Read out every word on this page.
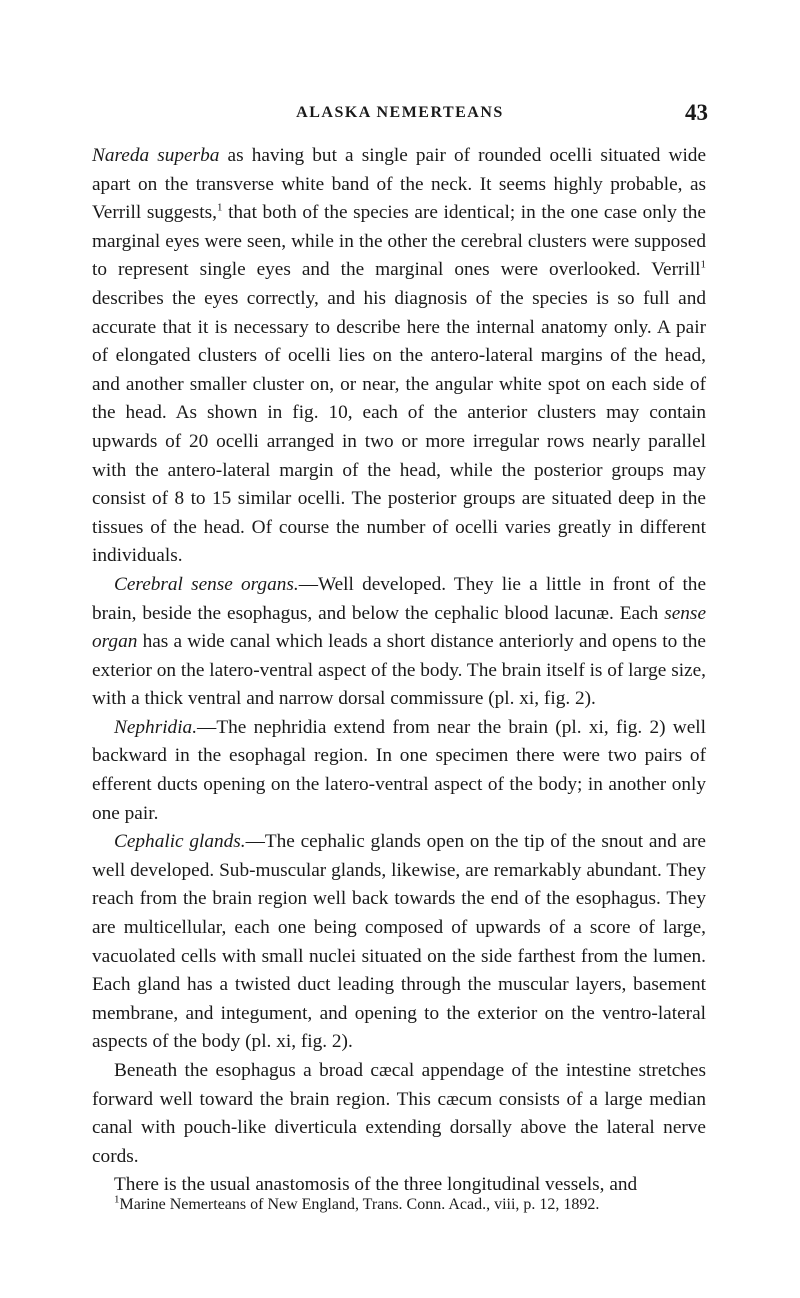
ALASKA NEMERTEANS	43

Nareda superba as having but a single pair of rounded ocelli situated wide apart on the transverse white band of the neck. It seems highly probable, as Verrill suggests,$^1$ that both of the species are identical; in the one case only the marginal eyes were seen, while in the other the cerebral clusters were supposed to represent single eyes and the marginal ones were overlooked. Verrill$^1$ describes the eyes correctly, and his diagnosis of the species is so full and accurate that it is necessary to describe here the internal anatomy only. A pair of elongated clusters of ocelli lies on the antero-lateral margins of the head, and another smaller cluster on, or near, the angular white spot on each side of the head. As shown in fig. 10, each of the anterior clusters may contain upwards of 20 ocelli arranged in two or more irregular rows nearly parallel with the antero-lateral margin of the head, while the posterior groups may consist of 8 to 15 similar ocelli. The posterior groups are situated deep in the tissues of the head. Of course the number of ocelli varies greatly in different individuals.

Cerebral sense organs.—Well developed. They lie a little in front of the brain, beside the esophagus, and below the cephalic blood lacunæ. Each sense organ has a wide canal which leads a short distance anteriorly and opens to the exterior on the latero-ventral aspect of the body. The brain itself is of large size, with a thick ventral and narrow dorsal commissure (pl. xi, fig. 2).

Nephridia.—The nephridia extend from near the brain (pl. xi, fig. 2) well backward in the esophagal region. In one specimen there were two pairs of efferent ducts opening on the latero-ventral aspect of the body; in another only one pair.

Cephalic glands.—The cephalic glands open on the tip of the snout and are well developed. Sub-muscular glands, likewise, are remarkably abundant. They reach from the brain region well back towards the end of the esophagus. They are multicellular, each one being composed of upwards of a score of large, vacuolated cells with small nuclei situated on the side farthest from the lumen. Each gland has a twisted duct leading through the muscular layers, basement membrane, and integument, and opening to the exterior on the ventro-lateral aspects of the body (pl. xi, fig. 2).

Beneath the esophagus a broad cæcal appendage of the intestine stretches forward well toward the brain region. This cæcum consists of a large median canal with pouch-like diverticula extending dorsally above the lateral nerve cords.

There is the usual anastomosis of the three longitudinal vessels, and

$^1$Marine Nemerteans of New England, Trans. Conn. Acad., viii, p. 12, 1892.
